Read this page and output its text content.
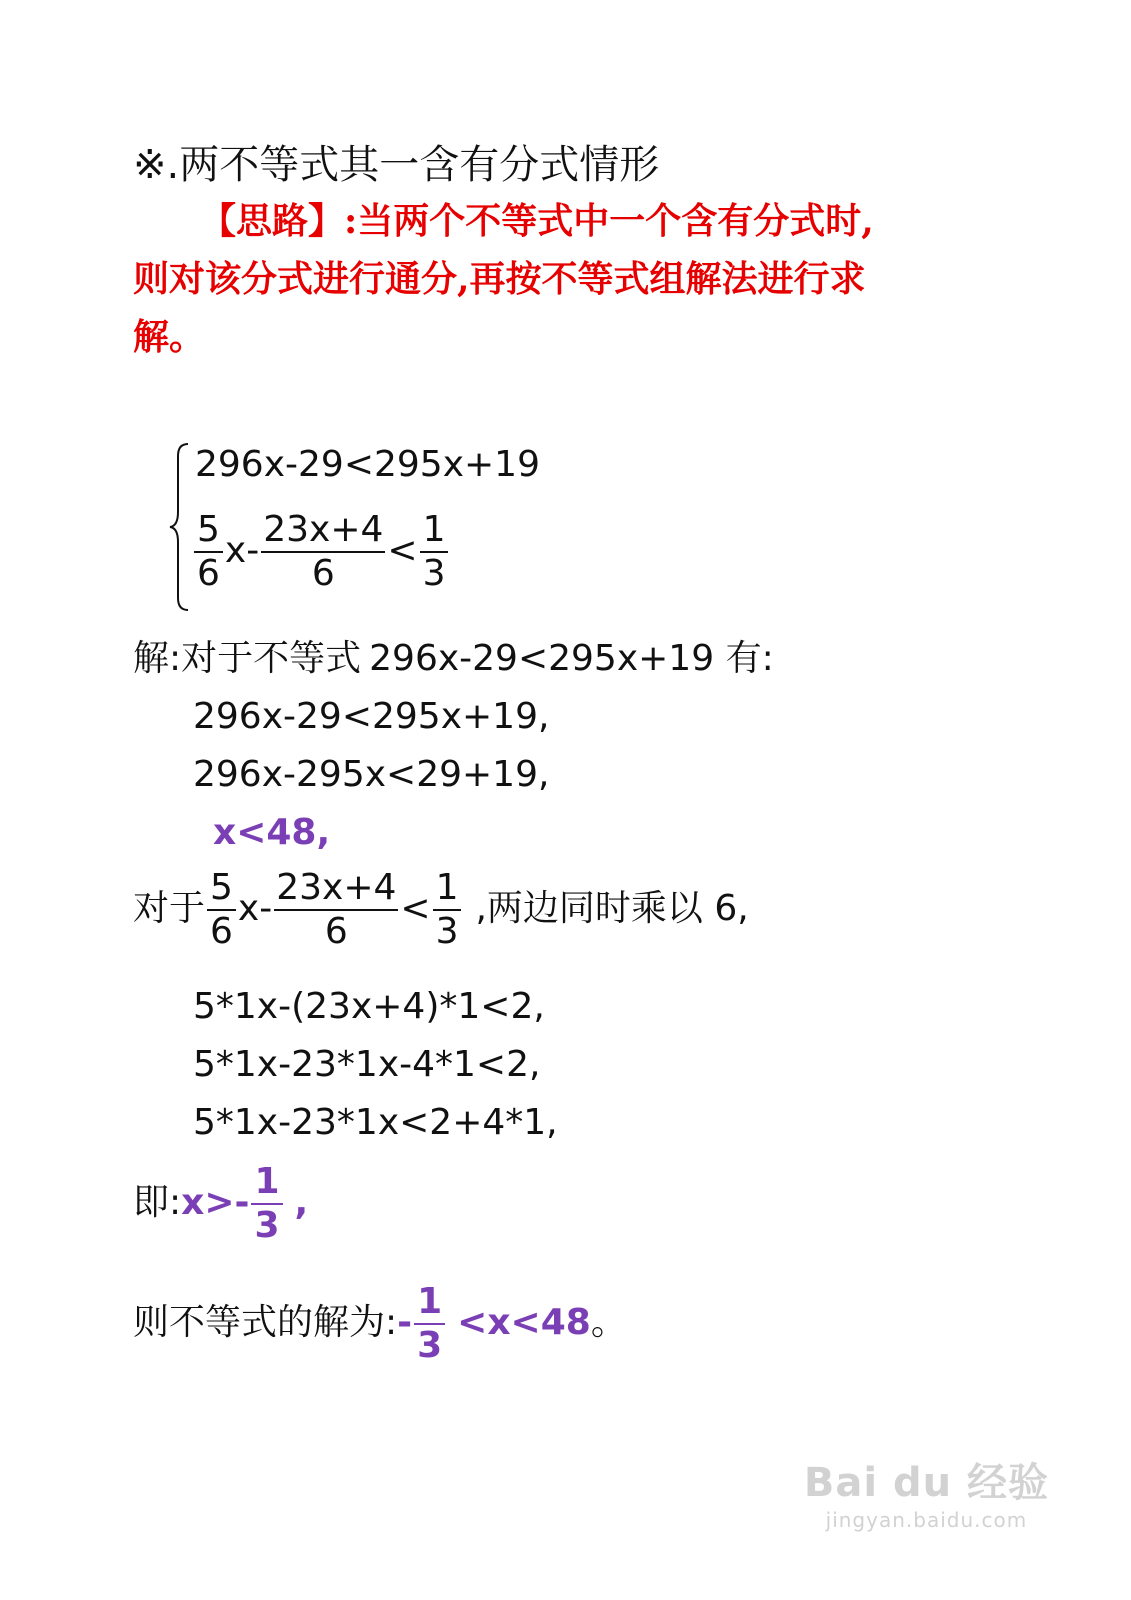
※.两不等式其一含有分式情形
【思路】:当两个不等式中一个含有分式时,
则对该分式进行通分,再按不等式组解法进行求
解。
296x-29<295x+19
$\frac{5}{6} x- \frac{23x+4}{6} < \frac{1}{3}$
解:对于不等式 296x-29<295x+19 有:
296x-29<295x+19,
296x-295x<29+19,
x<48,
对于 $\frac{5}{6} x- \frac{23x+4}{6} < \frac{1}{3}$ ,两边同时乘以 6,
5*1x-(23x+4)*1<2,
5*1x-23*1x-4*1<2,
5*1x-23*1x<2+4*1,
即:x>- $\frac{1}{3}$ ,
则不等式的解为:- $\frac{1}{3} <x<48$。
Bai du 经验
jingyan.baidu.com
